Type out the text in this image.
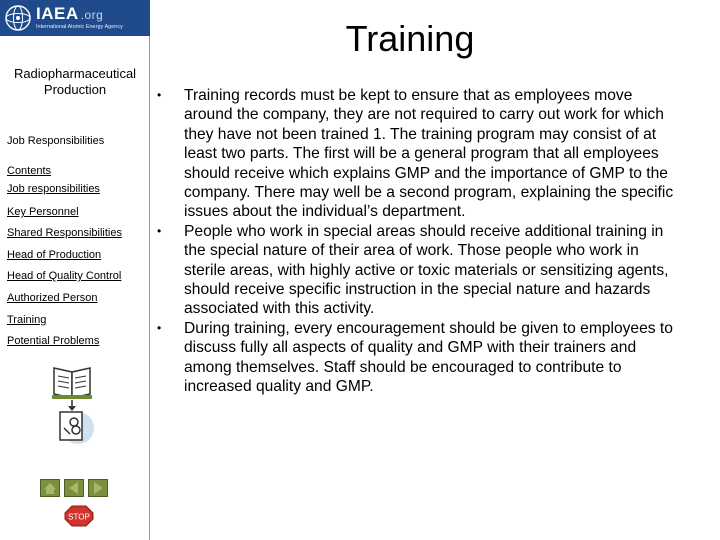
IAEA .org
International Atomic Energy Agency
Radiopharmaceutical Production
Job Responsibilities
Contents
Job responsibilities
Key Personnel
Shared Responsibilities
Head of Production
Head of Quality Control
Authorized Person
Training
Potential Problems
STOP
Training
• Training records must be kept to ensure that as employees move around the company, they are not required to carry out work for which they have not been trained 1. The training program may consist of at least two parts. The first will be a general program that all employees should receive which explains GMP and the importance of GMP to the company. There may well be a second program, explaining the specific issues about the individual’s department.
• People who work in special areas should receive additional training in the special nature of their area of work. Those people who work in sterile areas, with highly active or toxic materials or sensitizing agents, should receive specific instruction in the special nature and hazards associated with this activity.
• During training, every encouragement should be given to employees to discuss fully all aspects of quality and GMP with their trainers and among themselves. Staff should be encouraged to contribute to increased quality and GMP.
